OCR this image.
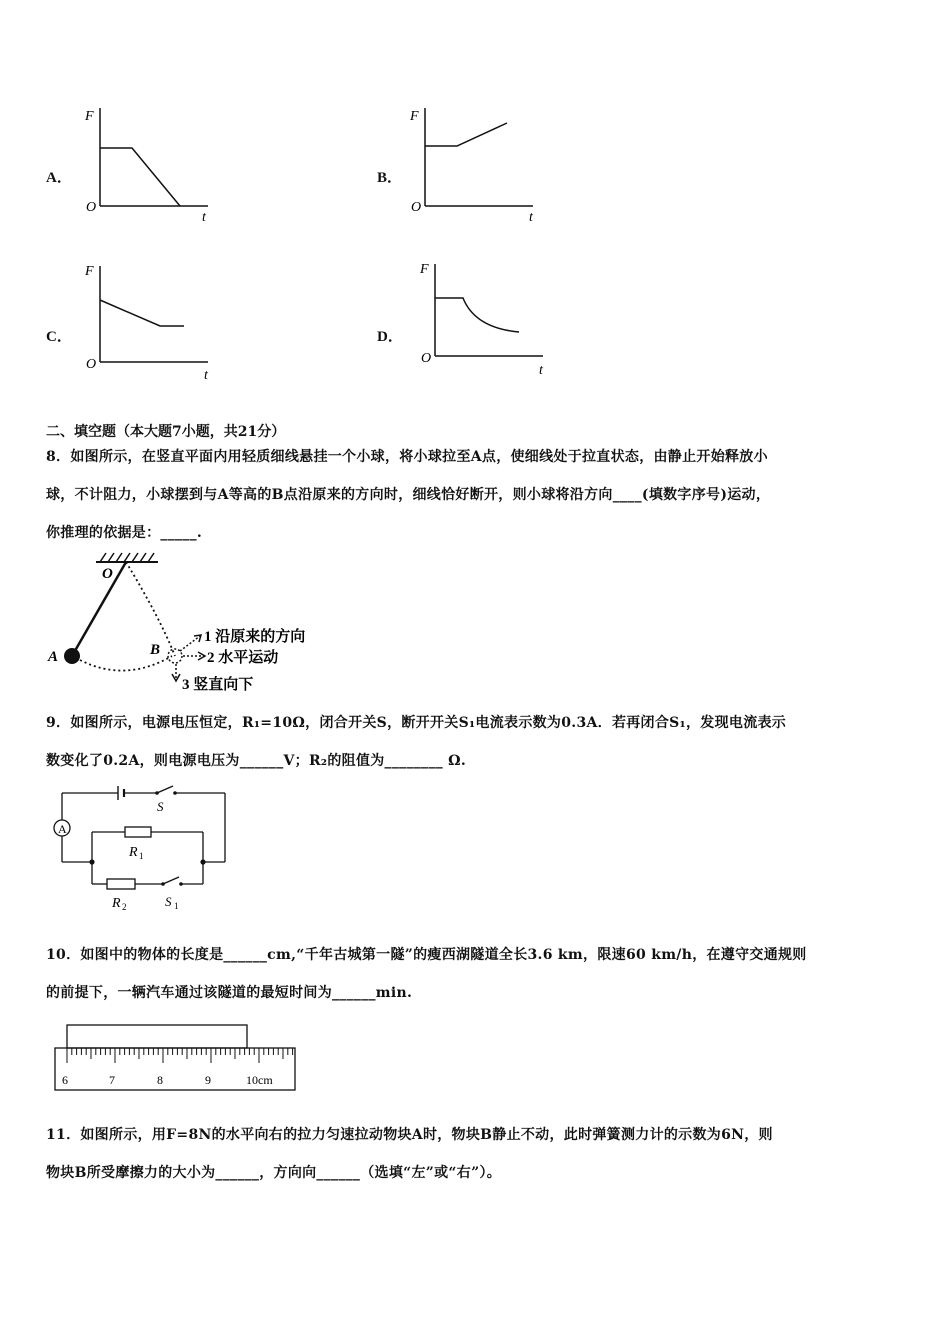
A．
F
O
t
B．
F
O
t
C．
F
O
t
D．
F
O
t
二、填空题（本大题7小题，共21分）
8．如图所示，在竖直平面内用轻质细线悬挂一个小球，将小球拉至A点，使细线处于拉直状态，由静止开始释放小
球，不计阻力，小球摆到与A等高的B点沿原来的方向时，细线恰好断开，则小球将沿方向____(填数字序号)运动，
你推理的依据是：_____.
O
A	B
1 沿原来的方向
2 水平运动
3 竖直向下
9．如图所示，电源电压恒定，R₁=10Ω，闭合开关S，断开开关S₁电流表示数为0.3A．若再闭合S₁，发现电流表示
数变化了0.2A，则电源电压为______V；R₂的阻值为________ Ω.
A
S
R 1
R 2	S 1
10．如图中的物体的长度是______cm,“千年古城第一隧”的瘦西湖隧道全长3.6 km，限速60 km/h，在遵守交通规则
的前提下，一辆汽车通过该隧道的最短时间为______min.
6	7	8	9	10cm
11．如图所示，用F=8N的水平向右的拉力匀速拉动物块A时，物块B静止不动，此时弹簧测力计的示数为6N，则
物块B所受摩擦力的大小为______，方向向______（选填“左”或“右”）。
